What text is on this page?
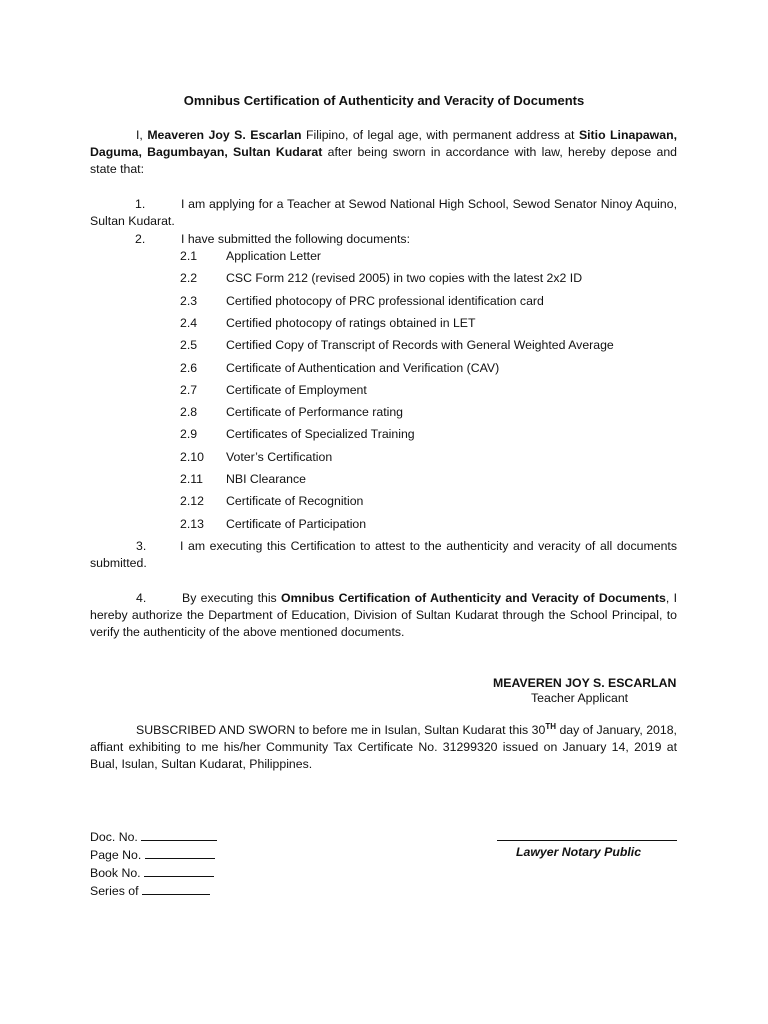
Omnibus Certification of Authenticity and Veracity of Documents
I, Meaveren Joy S. Escarlan Filipino, of legal age, with permanent address at Sitio Linapawan, Daguma, Bagumbayan, Sultan Kudarat after being sworn in accordance with law, hereby depose and state that:
1.	I am applying for a Teacher at Sewod National High School, Sewod Senator Ninoy Aquino, Sultan Kudarat.
2.	I have submitted the following documents:
2.1 Application Letter
2.2 CSC Form 212 (revised 2005) in two copies with the latest 2x2 ID
2.3 Certified photocopy of PRC professional identification card
2.4 Certified photocopy of ratings obtained in LET
2.5 Certified Copy of Transcript of Records with General Weighted Average
2.6 Certificate of Authentication and Verification (CAV)
2.7 Certificate of Employment
2.8 Certificate of Performance rating
2.9 Certificates of Specialized Training
2.10 Voter’s Certification
2.11 NBI Clearance
2.12 Certificate of Recognition
2.13 Certificate of Participation
3.	I am executing this Certification to attest to the authenticity and veracity of all documents submitted.
4.	By executing this Omnibus Certification of Authenticity and Veracity of Documents, I hereby authorize the Department of Education, Division of Sultan Kudarat through the School Principal, to verify the authenticity of the above mentioned documents.
MEAVEREN JOY S. ESCARLAN
Teacher Applicant
SUBSCRIBED AND SWORN to before me in Isulan, Sultan Kudarat this 30TH day of January, 2018, affiant exhibiting to me his/her Community Tax Certificate No. 31299320 issued on January 14, 2019 at Bual, Isulan, Sultan Kudarat, Philippines.
Doc. No.
Page No.
Book No.
Series of
Lawyer Notary Public
